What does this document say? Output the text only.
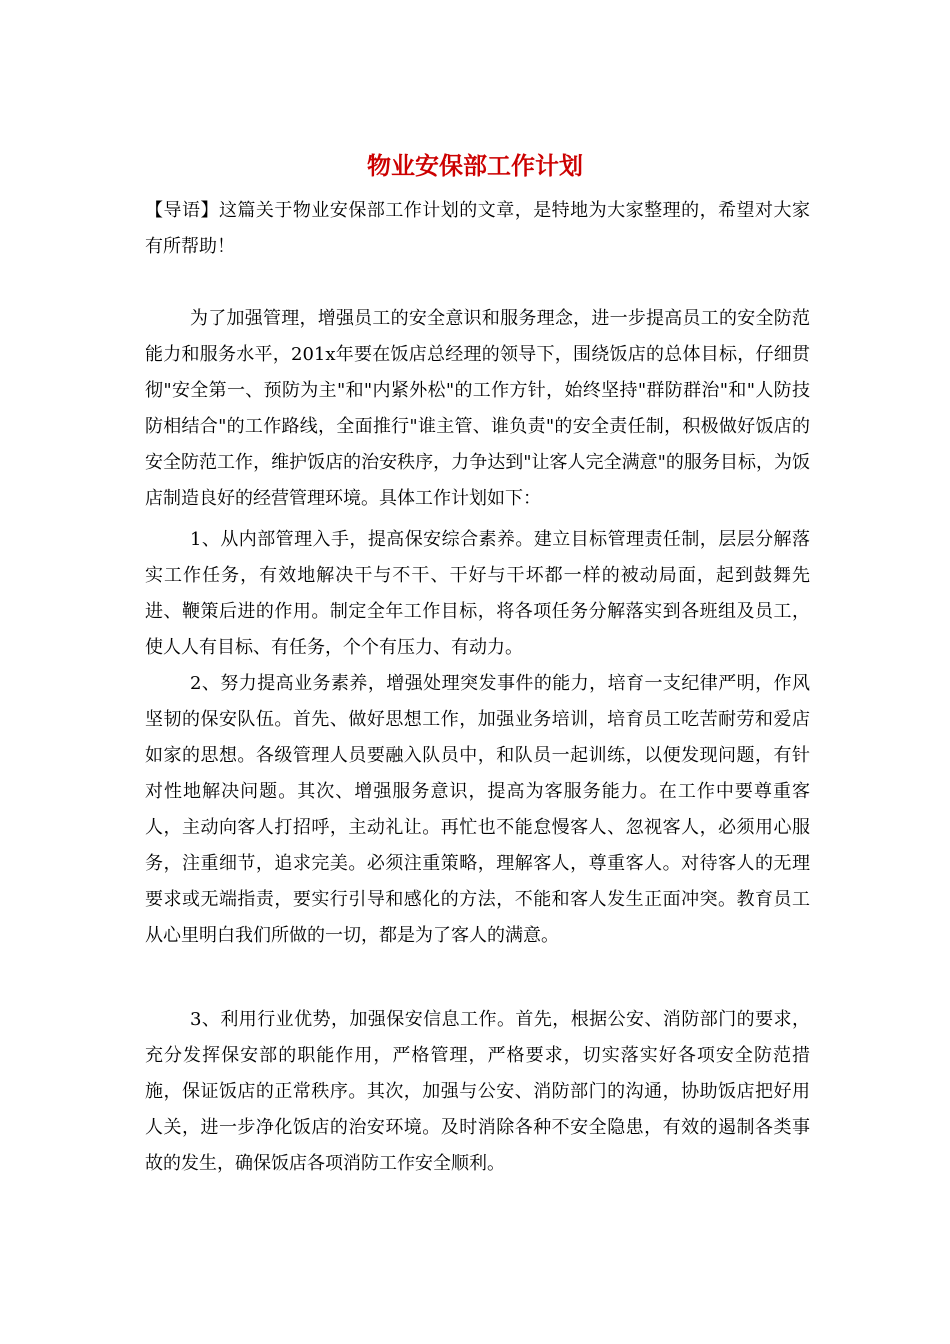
物业安保部工作计划

【导语】这篇关于物业安保部工作计划的文章，是特地为大家整理的，希望对大家有所帮助！

为了加强管理，增强员工的安全意识和服务理念，进一步提高员工的安全防范能力和服务水平，201x年要在饭店总经理的领导下，围绕饭店的总体目标，仔细贯彻"安全第一、预防为主"和"内紧外松"的工作方针，始终坚持"群防群治"和"人防技防相结合"的工作路线，全面推行"谁主管、谁负责"的安全责任制，积极做好饭店的安全防范工作，维护饭店的治安秩序，力争达到"让客人完全满意"的服务目标，为饭店制造良好的经营管理环境。具体工作计划如下：

1、从内部管理入手，提高保安综合素养。建立目标管理责任制，层层分解落实工作任务，有效地解决干与不干、干好与干坏都一样的被动局面，起到鼓舞先进、鞭策后进的作用。制定全年工作目标，将各项任务分解落实到各班组及员工，使人人有目标、有任务，个个有压力、有动力。

2、努力提高业务素养，增强处理突发事件的能力，培育一支纪律严明，作风坚韧的保安队伍。首先、做好思想工作，加强业务培训，培育员工吃苦耐劳和爱店如家的思想。各级管理人员要融入队员中，和队员一起训练，以便发现问题，有针对性地解决问题。其次、增强服务意识，提高为客服务能力。在工作中要尊重客人，主动向客人打招呼，主动礼让。再忙也不能怠慢客人、忽视客人，必须用心服务，注重细节，追求完美。必须注重策略，理解客人，尊重客人。对待客人的无理要求或无端指责，要实行引导和感化的方法，不能和客人发生正面冲突。教育员工从心里明白我们所做的一切，都是为了客人的满意。

3、利用行业优势，加强保安信息工作。首先，根据公安、消防部门的要求，充分发挥保安部的职能作用，严格管理，严格要求，切实落实好各项安全防范措施，保证饭店的正常秩序。其次，加强与公安、消防部门的沟通，协助饭店把好用人关，进一步净化饭店的治安环境。及时消除各种不安全隐患，有效的遏制各类事故的发生，确保饭店各项消防工作安全顺利。
